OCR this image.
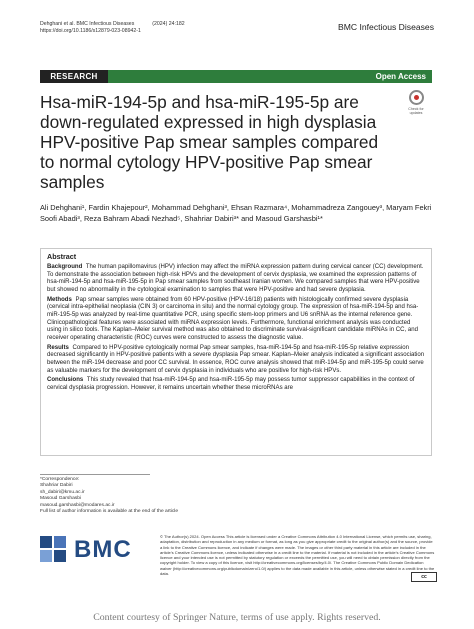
Dehghani et al. BMC Infectious Diseases	(2024) 24:182
https://doi.org/10.1186/s12879-023-08942-1	BMC Infectious Diseases
RESEARCH	Open Access
Hsa-miR-194-5p and hsa-miR-195-5p are down-regulated expressed in high dysplasia HPV-positive Pap smear samples compared to normal cytology HPV-positive Pap smear samples
Check for updates
Ali Dehghani¹, Fardin Khajepour², Mohammad Dehghani³, Ehsan Razmara⁴, Mohammadreza Zangouey³, Maryam Fekri Soofi Abadi³, Reza Bahram Abadi Nezhad⁵, Shahriar Dabiri³* and Masoud Garshasbi¹*
Abstract

Background The human papillomavirus (HPV) infection may affect the miRNA expression pattern during cervical cancer (CC) development. To demonstrate the association between high-risk HPVs and the development of cervix dysplasia, we examined the expression patterns of hsa-miR-194-5p and hsa-miR-195-5p in Pap smear samples from southeast Iranian women. We compared samples that were HPV-positive but showed no abnormality in the cytological examination to samples that were HPV-positive and had severe dysplasia.

Methods Pap smear samples were obtained from 60 HPV-positive (HPV-16/18) patients with histologically confirmed severe dysplasia (cervical intra-epithelial neoplasia (CIN 3) or carcinoma in situ) and the normal cytology group. The expression of hsa-miR-194-5p and hsa-miR-195-5p was analyzed by real-time quantitative PCR, using specific stem-loop primers and U6 snRNA as the internal reference gene. Clinicopathological features were associated with miRNA expression levels. Furthermore, functional enrichment analysis was conducted using in silico tools. The Kaplan–Meier survival method was also obtained to discriminate survival-significant candidate miRNAs in CC, and receiver operating characteristic (ROC) curves were constructed to assess the diagnostic value.

Results Compared to HPV-positive cytologically normal Pap smear samples, hsa-miR-194-5p and hsa-miR-195-5p relative expression decreased significantly in HPV-positive patients with a severe dysplasia Pap smear. Kaplan–Meier analysis indicated a significant association between the miR-194 decrease and poor CC survival. In essence, ROC curve analysis showed that miR-194-5p and miR-195-5p could serve as valuable markers for the development of cervix dysplasia in individuals who are positive for high-risk HPVs.

Conclusions This study revealed that hsa-miR-194-5p and hsa-miR-195-5p may possess tumor suppressor capabilities in the context of cervical dysplasia progression. However, it remains uncertain whether these microRNAs are

*Correspondence:
Shahriar Dabiri
sh_dabiri@kmu.ac.ir
Masoud Garshasbi
masoud.garshasbi@modares.ac.ir
Full list of author information is available at the end of the article
BMC	© The Author(s) 2024. Open Access This article is licensed under a Creative Commons Attribution 4.0 International License, which permits use, sharing, adaptation, distribution and reproduction in any medium or format, as long as you give appropriate credit to the original author(s) and the source, provide a link to the Creative Commons licence, and indicate if changes were made. The images or other third party material in this article are included in the article’s Creative Commons licence, unless indicated otherwise in a credit line to the material. If material is not included in the article’s Creative Commons licence and your intended use is not permitted by statutory regulation or exceeds the permitted use, you will need to obtain permission directly from the copyright holder. To view a copy of this licence, visit http://creativecommons.org/licenses/by/4.0/. The Creative Commons Public Domain Dedication waiver (http://creativecommons.org/publicdomain/zero/1.0/) applies to the data made available in this article, unless otherwise stated in a credit line to the data.
cc
Content courtesy of Springer Nature, terms of use apply. Rights reserved.
